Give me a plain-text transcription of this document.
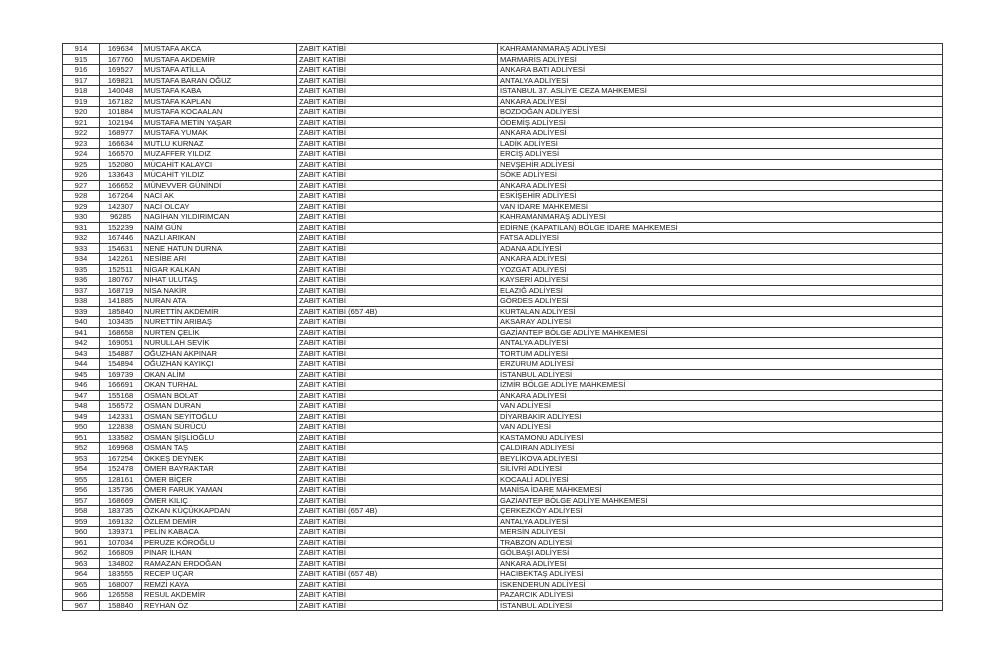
914	169634	MUSTAFA AKCA	ZABIT KATİBİ	KAHRAMANMARAŞ ADLİYESİ
915	167760	MUSTAFA AKDEMİR	ZABIT KATİBİ	MARMARİS ADLİYESİ
916	169527	MUSTAFA ATİLLA	ZABIT KATİBİ	ANKARA BATI ADLİYESİ
917	169821	MUSTAFA BARAN OĞUZ	ZABIT KATİBİ	ANTALYA ADLİYESİ
918	140048	MUSTAFA KABA	ZABIT KATİBİ	İSTANBUL 37. ASLİYE CEZA MAHKEMESİ
919	167182	MUSTAFA KAPLAN	ZABIT KATİBİ	ANKARA ADLİYESİ
920	101884	MUSTAFA KOCAALAN	ZABIT KATİBİ	BOZDOĞAN ADLİYESİ
921	102194	MUSTAFA METİN YAŞAR	ZABIT KATİBİ	ÖDEMİŞ ADLİYESİ
922	168977	MUSTAFA YUMAK	ZABIT KATİBİ	ANKARA ADLİYESİ
923	166634	MUTLU KURNAZ	ZABIT KATİBİ	LADİK ADLİYESİ
924	166570	MUZAFFER YILDIZ	ZABIT KATİBİ	ERCİŞ ADLİYESİ
925	152080	MÜCAHİT KALAYCI	ZABIT KATİBİ	NEVŞEHİR ADLİYESİ
926	133643	MÜCAHİT YILDIZ	ZABIT KATİBİ	SÖKE ADLİYESİ
927	166652	MÜNEVVER GÜNİNDİ	ZABIT KATİBİ	ANKARA ADLİYESİ
928	167264	NACİ AK	ZABIT KATİBİ	ESKİŞEHİR ADLİYESİ
929	142307	NACİ OLCAY	ZABIT KATİBİ	VAN İDARE MAHKEMESİ
930	96285	NAGİHAN YILDIRIMCAN	ZABIT KATİBİ	KAHRAMANMARAŞ ADLİYESİ
931	152239	NAİM GÜN	ZABIT KATİBİ	EDİRNE (KAPATILAN) BÖLGE İDARE MAHKEMESİ
932	167446	NAZLI ARIKAN	ZABIT KATİBİ	FATSA ADLİYESİ
933	154631	NENE HATUN DURNA	ZABIT KATİBİ	ADANA ADLİYESİ
934	142261	NESİBE ARI	ZABIT KATİBİ	ANKARA ADLİYESİ
935	152511	NİGAR KALKAN	ZABIT KATİBİ	YOZGAT ADLİYESİ
936	180767	NİHAT ULUTAŞ	ZABIT KATİBİ	KAYSERİ ADLİYESİ
937	168719	NİSA NAKİR	ZABIT KATİBİ	ELAZIĞ ADLİYESİ
938	141885	NURAN ATA	ZABIT KATİBİ	GÖRDES ADLİYESİ
939	185840	NURETTİN AKDEMİR	ZABIT KATİBİ (657 4B)	KURTALAN ADLİYESİ
940	103435	NURETTİN ARIBAŞ	ZABIT KATİBİ	AKSARAY ADLİYESİ
941	168658	NURTEN ÇELİK	ZABIT KATİBİ	GAZİANTEP BÖLGE ADLİYE MAHKEMESİ
942	169051	NURULLAH SEVİK	ZABIT KATİBİ	ANTALYA ADLİYESİ
943	154887	OĞUZHAN AKPINAR	ZABIT KATİBİ	TORTUM ADLİYESİ
944	154894	OĞUZHAN KAYIKÇI	ZABIT KATİBİ	ERZURUM ADLİYESİ
945	169739	OKAN ALİM	ZABIT KATİBİ	İSTANBUL ADLİYESİ
946	166691	OKAN TURHAL	ZABIT KATİBİ	İZMİR BÖLGE ADLİYE MAHKEMESİ
947	155168	OSMAN BOLAT	ZABIT KATİBİ	ANKARA ADLİYESİ
948	156572	OSMAN DURAN	ZABIT KATİBİ	VAN ADLİYESİ
949	142331	OSMAN SEYİTOĞLU	ZABIT KATİBİ	DİYARBAKIR ADLİYESİ
950	122838	OSMAN SÜRÜCÜ	ZABIT KATİBİ	VAN ADLİYESİ
951	133582	OSMAN ŞİŞLİOĞLU	ZABIT KATİBİ	KASTAMONU ADLİYESİ
952	169968	OSMAN TAŞ	ZABIT KATİBİ	ÇALDIRAN ADLİYESİ
953	167254	ÖKKEŞ DEYNEK	ZABIT KATİBİ	BEYLİKOVA ADLİYESİ
954	152478	ÖMER BAYRAKTAR	ZABIT KATİBİ	SİLİVRİ ADLİYESİ
955	128161	ÖMER BİÇER	ZABIT KATİBİ	KOCAALİ ADLİYESİ
956	135736	ÖMER FARUK YAMAN	ZABIT KATİBİ	MANİSA İDARE MAHKEMESİ
957	168669	ÖMER KILIÇ	ZABIT KATİBİ	GAZİANTEP BÖLGE ADLİYE MAHKEMESİ
958	183735	ÖZKAN KÜÇÜKKAPDAN	ZABIT KATİBİ (657 4B)	ÇERKEZKÖY ADLİYESİ
959	169132	ÖZLEM DEMİR	ZABIT KATİBİ	ANTALYA ADLİYESİ
960	139371	PELİN KABACA	ZABIT KATİBİ	MERSİN ADLİYESİ
961	107034	PERUZE KÖROĞLU	ZABIT KATİBİ	TRABZON ADLİYESİ
962	166809	PINAR İLHAN	ZABIT KATİBİ	GÖLBAŞI ADLİYESİ
963	134802	RAMAZAN ERDOĞAN	ZABIT KATİBİ	ANKARA ADLİYESİ
964	183555	RECEP UÇAR	ZABIT KATİBİ (657 4B)	HACIBEKTAŞ ADLİYESİ
965	168007	REMZİ KAYA	ZABIT KATİBİ	İSKENDERUN ADLİYESİ
966	126558	RESUL AKDEMİR	ZABIT KATİBİ	PAZARCIK ADLİYESİ
967	158840	REYHAN ÖZ	ZABIT KATİBİ	İSTANBUL ADLİYESİ
